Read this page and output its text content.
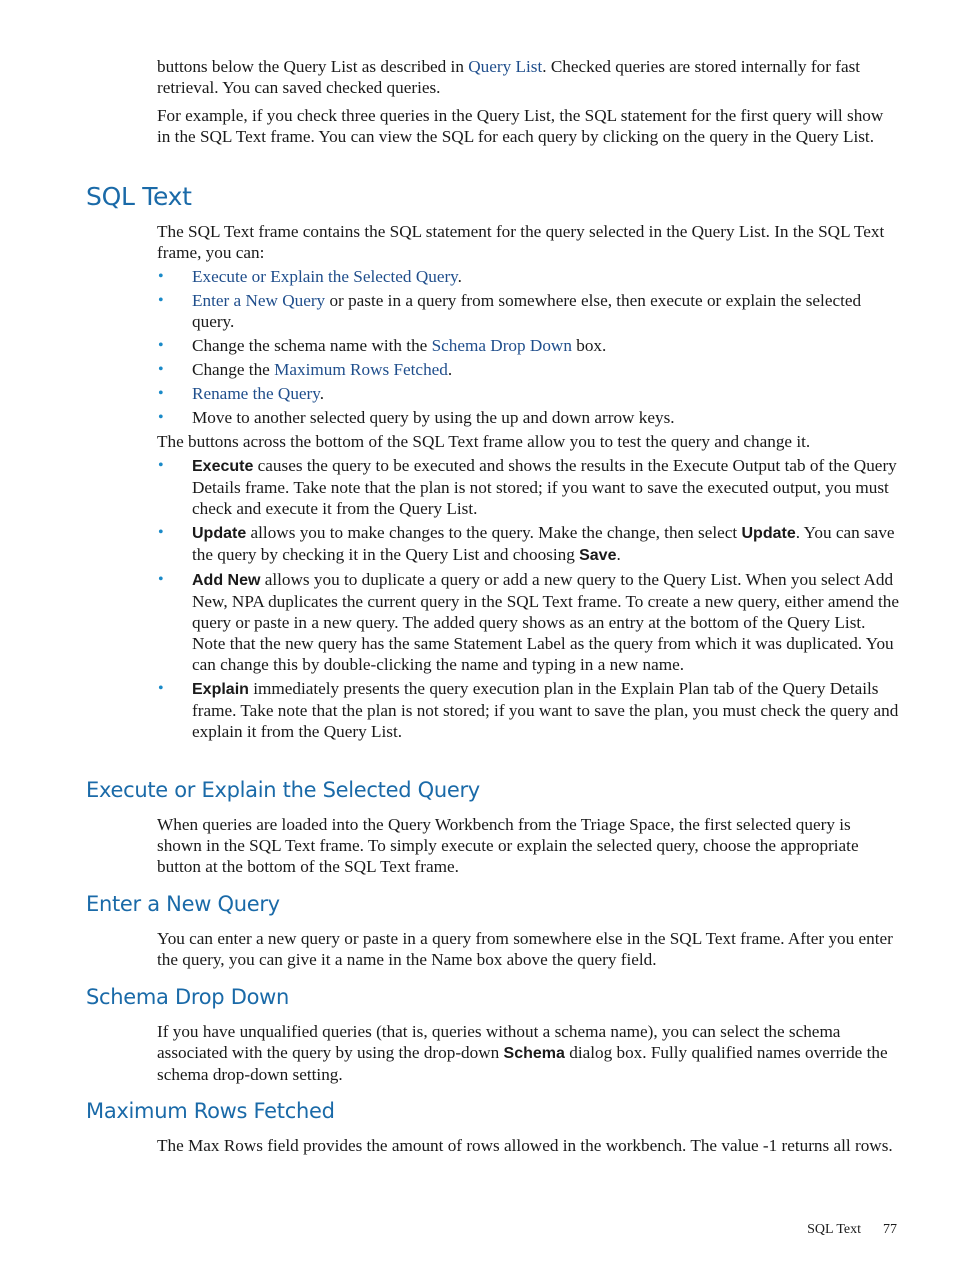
buttons below the Query List as described in Query List. Checked queries are stored internally for fast retrieval. You can saved checked queries.

For example, if you check three queries in the Query List, the SQL statement for the first query will show in the SQL Text frame. You can view the SQL for each query by clicking on the query in the Query List.

SQL Text

The SQL Text frame contains the SQL statement for the query selected in the Query List. In the SQL Text frame, you can:

• Execute or Explain the Selected Query.
• Enter a New Query or paste in a query from somewhere else, then execute or explain the selected query.
• Change the schema name with the Schema Drop Down box.
• Change the Maximum Rows Fetched.
• Rename the Query.
• Move to another selected query by using the up and down arrow keys.

The buttons across the bottom of the SQL Text frame allow you to test the query and change it.

• Execute causes the query to be executed and shows the results in the Execute Output tab of the Query Details frame. Take note that the plan is not stored; if you want to save the executed output, you must check and execute it from the Query List.
• Update allows you to make changes to the query. Make the change, then select Update. You can save the query by checking it in the Query List and choosing Save.
• Add New allows you to duplicate a query or add a new query to the Query List. When you select Add New, NPA duplicates the current query in the SQL Text frame. To create a new query, either amend the query or paste in a new query. The added query shows as an entry at the bottom of the Query List. Note that the new query has the same Statement Label as the query from which it was duplicated. You can change this by double-clicking the name and typing in a new name.
• Explain immediately presents the query execution plan in the Explain Plan tab of the Query Details frame. Take note that the plan is not stored; if you want to save the plan, you must check the query and explain it from the Query List.
Execute or Explain the Selected Query

When queries are loaded into the Query Workbench from the Triage Space, the first selected query is shown in the SQL Text frame. To simply execute or explain the selected query, choose the appropriate button at the bottom of the SQL Text frame.

Enter a New Query

You can enter a new query or paste in a query from somewhere else in the SQL Text frame. After you enter the query, you can give it a name in the Name box above the query field.

Schema Drop Down

If you have unqualified queries (that is, queries without a schema name), you can select the schema associated with the query by using the drop-down Schema dialog box. Fully qualified names override the schema drop-down setting.

Maximum Rows Fetched

The Max Rows field provides the amount of rows allowed in the workbench. The value -1 returns all rows.

SQL Text 77
